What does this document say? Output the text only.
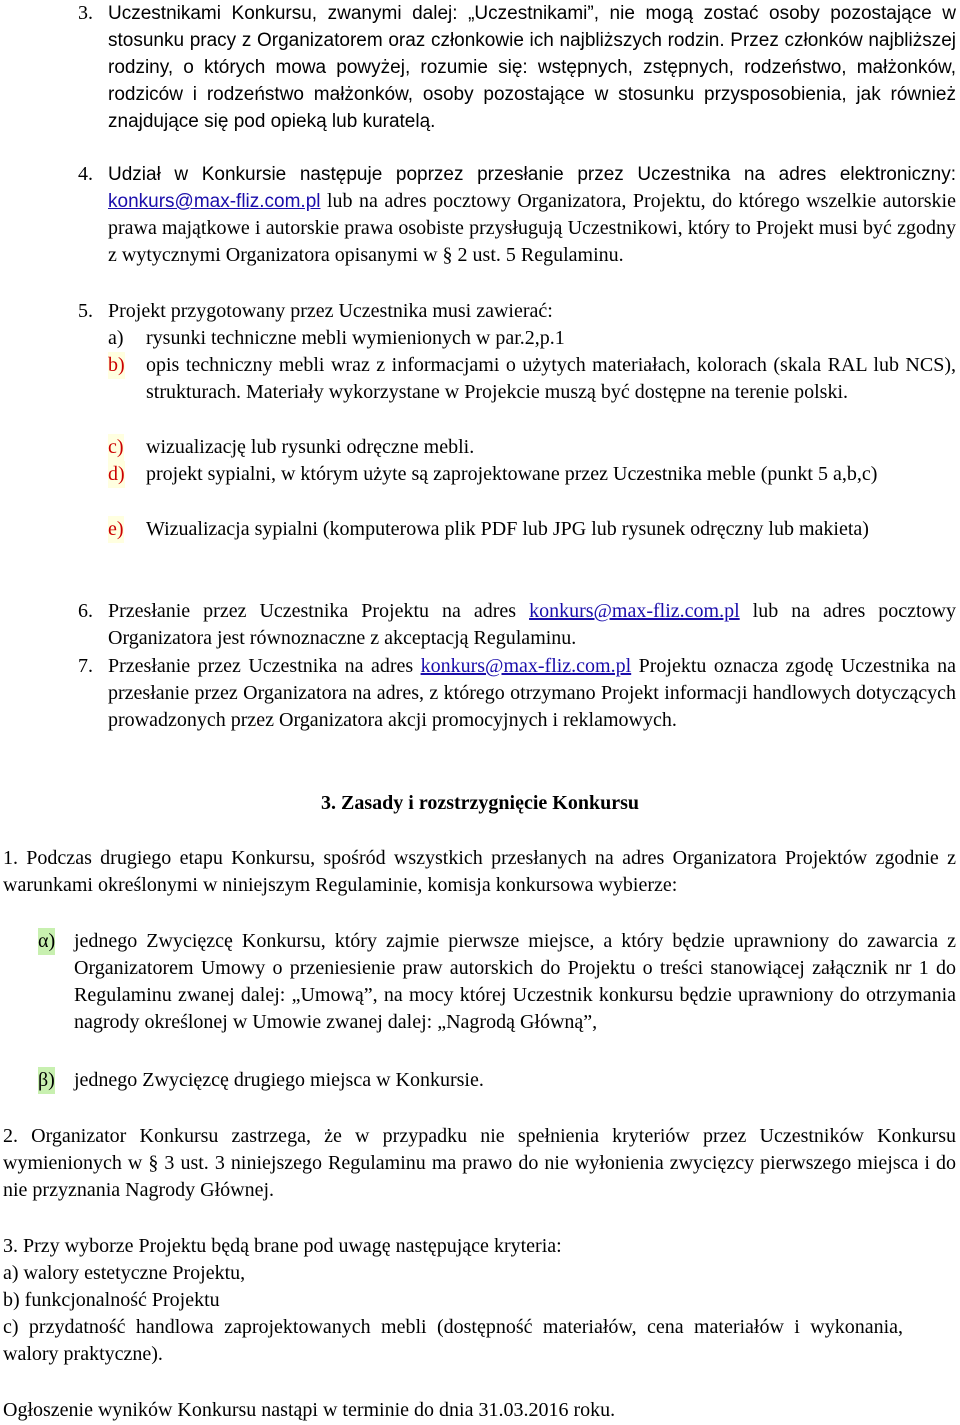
3. Uczestnikami Konkursu, zwanymi dalej: „Uczestnikami”, nie mogą zostać osoby pozostające w stosunku pracy z Organizatorem oraz członkowie ich najbliższych rodzin. Przez członków najbliższej rodziny, o których mowa powyżej, rozumie się: wstępnych, zstępnych, rodzeństwo, małżonków, rodziców i rodzeństwo małżonków, osoby pozostające w stosunku przysposobienia, jak również znajdujące się pod opieką lub kuratelą.
4. Udział w Konkursie następuje poprzez przesłanie przez Uczestnika na adres elektroniczny: konkurs@max-fliz.com.pl lub na adres pocztowy Organizatora, Projektu, do którego wszelkie autorskie prawa majątkowe i autorskie prawa osobiste przysługują Uczestnikowi, który to Projekt musi być zgodny z wytycznymi Organizatora opisanymi w § 2 ust. 5 Regulaminu.
5. Projekt przygotowany przez Uczestnika musi zawierać:
a) rysunki techniczne mebli wymienionych w par.2,p.1
b) opis techniczny mebli wraz z informacjami o użytych materiałach, kolorach (skala RAL lub NCS), strukturach. Materiały wykorzystane w Projekcie muszą być dostępne na terenie polski.
c) wizualizację lub rysunki odręczne mebli.
d) projekt sypialni, w którym użyte są zaprojektowane przez Uczestnika meble (punkt 5 a,b,c)
e) Wizualizacja sypialni (komputerowa plik PDF lub JPG lub rysunek odręczny lub makieta)
6. Przesłanie przez Uczestnika Projektu na adres konkurs@max-fliz.com.pl lub na adres pocztowy Organizatora jest równoznaczne z akceptacją Regulaminu.
7. Przesłanie przez Uczestnika na adres konkurs@max-fliz.com.pl Projektu oznacza zgodę Uczestnika na przesłanie przez Organizatora na adres, z którego otrzymano Projekt informacji handlowych dotyczących prowadzonych przez Organizatora akcji promocyjnych i reklamowych.
3. Zasady i rozstrzygnięcie Konkursu
1. Podczas drugiego etapu Konkursu, spośród wszystkich przesłanych na adres Organizatora Projektów zgodnie z warunkami określonymi w niniejszym Regulaminie, komisja konkursowa wybierze:
α) jednego Zwycięzcę Konkursu, który zajmie pierwsze miejsce, a który będzie uprawniony do zawarcia z Organizatorem Umowy o przeniesienie praw autorskich do Projektu o treści stanowiącej załącznik nr 1 do Regulaminu zwanej dalej: „Umową”, na mocy której Uczestnik konkursu będzie uprawniony do otrzymania nagrody określonej w Umowie zwanej dalej: „Nagrodą Główną”,
β) jednego Zwycięzcę drugiego miejsca w Konkursie.
2. Organizator Konkursu zastrzega, że w przypadku nie spełnienia kryteriów przez Uczestników Konkursu wymienionych w § 3 ust. 3 niniejszego Regulaminu ma prawo do nie wyłonienia zwycięzcy pierwszego miejsca i do nie przyznania Nagrody Głównej.
3. Przy wyborze Projektu będą brane pod uwagę następujące kryteria:
a) walory estetyczne Projektu,
b) funkcjonalność Projektu
c) przydatność handlowa zaprojektowanych mebli (dostępność materiałów, cena materiałów i wykonania, walory praktyczne).
Ogłoszenie wyników Konkursu nastąpi w terminie do dnia 31.03.2016 roku.
